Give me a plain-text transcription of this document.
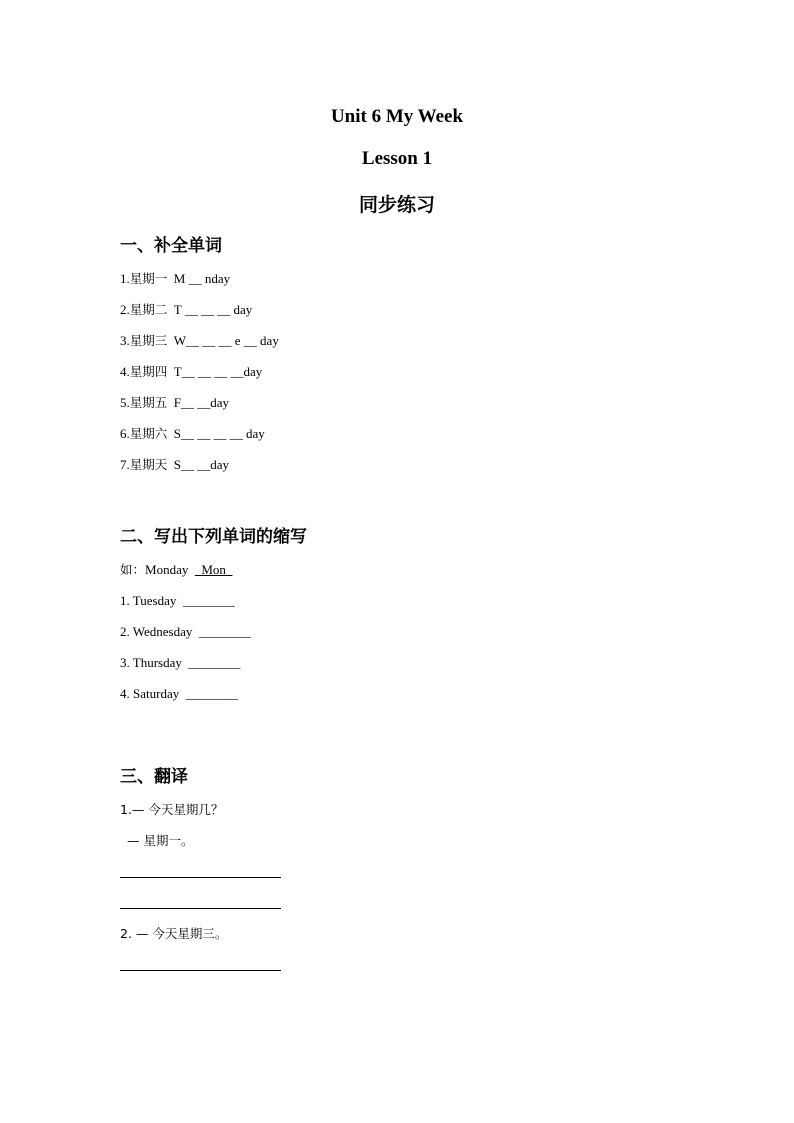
Unit 6 My Week
Lesson 1
同步练习
一、补全单词
1.星期一 M __ nday
2.星期二 T __ __ __ day
3.星期三 W__ __ __ e __ day
4.星期四 T__ __ __ __day
5.星期五 F__ __day
6.星期六 S__ __ __ __ day
7.星期天 S__ __day
二、写出下列单词的缩写
如：Monday Mon
1. Tuesday ________
2. Wednesday ________
3. Thursday ________
4. Saturday ________
三、翻译
1.— 今天星期几？
— 星期一。
2. — 今天星期三。
